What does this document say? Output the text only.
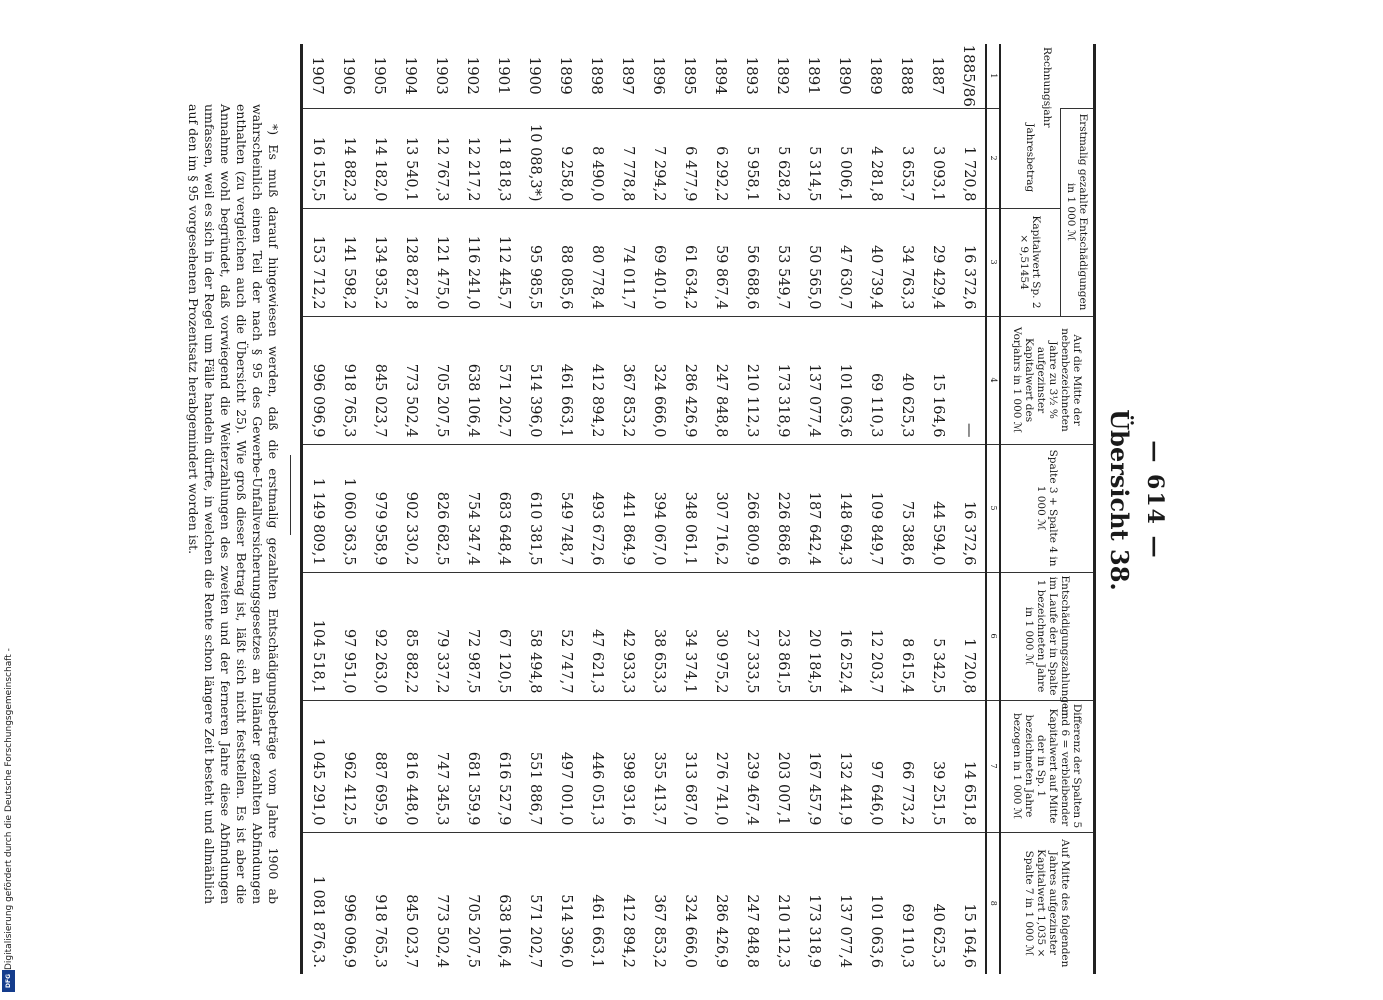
— 614 —
Übersicht 38.
Rechnungsjahr	Erstmalig gezahlte Entschädigungen in 1 000 ℳ		Auf die Mitte der nebenbezeichneten Jahre zu 3½ % aufgezinster Kapitalwert des Vorjahrs in 1 000 ℳ	Spalte 3 + Spalte 4 in 1 000 ℳ	Entschädigungszahlungen im Laufe der in Spalte 1 bezeichneten Jahre in 1 000 ℳ	Differenz der Spalten 5 und 6 = verbleibender Kapitalwert auf Mitte der in Sp. 1 bezeichneten Jahre bezogen in 1 000 ℳ	Auf Mitte des folgenden Jahres aufgezinster Kapitalwert 1,035 × Spalte 7 in 1 000 ℳ
	Jahresbetrag	Kapitalwert Sp. 2 × 9,51454					
1	2	3	4	5	6	7	8
1885/86	1 720,8	16 372,6	—	16 372,6	1 720,8	14 651,8	15 164,6
1887	3 093,1	29 429,4	15 164,6	44 594,0	5 342,5	39 251,5	40 625,3
1888	3 653,7	34 763,3	40 625,3	75 388,6	8 615,4	66 773,2	69 110,3
1889	4 281,8	40 739,4	69 110,3	109 849,7	12 203,7	97 646,0	101 063,6
1890	5 006,1	47 630,7	101 063,6	148 694,3	16 252,4	132 441,9	137 077,4
1891	5 314,5	50 565,0	137 077,4	187 642,4	20 184,5	167 457,9	173 318,9
1892	5 628,2	53 549,7	173 318,9	226 868,6	23 861,5	203 007,1	210 112,3
1893	5 958,1	56 688,6	210 112,3	266 800,9	27 333,5	239 467,4	247 848,8
1894	6 292,2	59 867,4	247 848,8	307 716,2	30 975,2	276 741,0	286 426,9
1895	6 477,9	61 634,2	286 426,9	348 061,1	34 374,1	313 687,0	324 666,0
1896	7 294,2	69 401,0	324 666,0	394 067,0	38 653,3	355 413,7	367 853,2
1897	7 778,8	74 011,7	367 853,2	441 864,9	42 933,3	398 931,6	412 894,2
1898	8 490,0	80 778,4	412 894,2	493 672,6	47 621,3	446 051,3	461 663,1
1899	9 258,0	88 085,6	461 663,1	549 748,7	52 747,7	497 001,0	514 396,0
1900	10 088,3*)	95 985,5	514 396,0	610 381,5	58 494,8	551 886,7	571 202,7
1901	11 818,3	112 445,7	571 202,7	683 648,4	67 120,5	616 527,9	638 106,4
1902	12 217,2	116 241,0	638 106,4	754 347,4	72 987,5	681 359,9	705 207,5
1903	12 767,3	121 475,0	705 207,5	826 682,5	79 337,2	747 345,3	773 502,4
1904	13 540,1	128 827,8	773 502,4	902 330,2	85 882,2	816 448,0	845 023,7
1905	14 182,0	134 935,2	845 023,7	979 958,9	92 263,0	887 695,9	918 765,3
1906	14 882,3	141 598,2	918 765,3	1 060 363,5	97 951,0	962 412,5	996 096,9
1907	16 155,5	153 712,2	996 096,9	1 149 809,1	104 518,1	1 045 291,0	1 081 876,3.
*) Es muß darauf hingewiesen werden, daß die erstmalig gezahlten Entschädigungsbeträge vom Jahre 1900 ab wahrscheinlich einen Teil der nach § 95 des Gewerbe-Unfallversicherungsgesetzes an Inländer gezahlten Abfindungen enthalten (zu vergleichen auch die Übersicht 25). Wie groß dieser Betrag ist, läßt sich nicht feststellen. Es ist aber die Annahme wohl begründet, daß vorwiegend die Weiterzahlungen des zweiten und der ferneren Jahre diese Abfindungen umfassen, weil es sich in der Regel um Fälle handeln dürfte, in welchen die Rente schon längere Zeit besteht und allmählich auf den im § 95 vorgesehenen Prozentsatz herabgemindert worden ist.
Digitalisierung gefördert durch die Deutsche Forschungsgemeinschaft -
DFG
